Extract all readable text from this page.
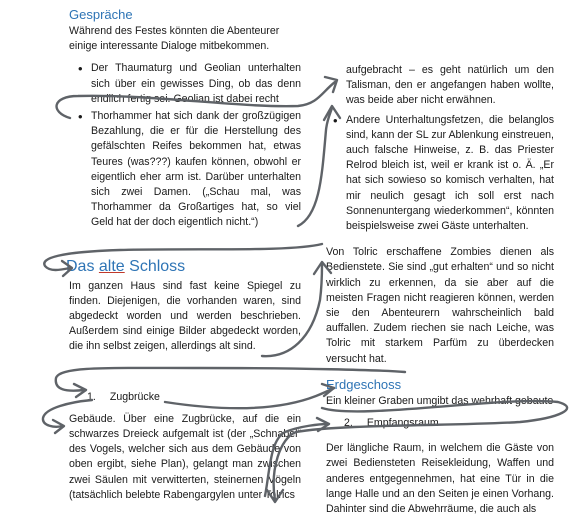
Gespräche
Während des Festes könnten die Abenteurer einige interessante Dialoge mitbekommen.
• Der Thaumaturg und Geolian unterhalten sich über ein gewisses Ding, ob das denn endlich fertig sei. Geolian ist dabei recht
• Thorhammer hat sich dank der großzügigen Bezahlung, die er für die Herstellung des gefälschten Reifes bekommen hat, etwas Teures (was???) kaufen können, obwohl er eigentlich eher arm ist. Darüber unterhalten sich zwei Damen. („Schau mal, was Thorhammer da Großartiges hat, so viel Geld hat der doch eigentlich nicht.“)
Das alte Schloss
Im ganzen Haus sind fast keine Spiegel zu finden. Diejenigen, die vorhanden waren, sind abgedeckt worden und werden beschrieben. Außerdem sind einige Bilder abgedeckt worden, die ihn selbst zeigen, allerdings alt sind.
1. Zugbrücke
Gebäude. Über eine Zugbrücke, auf die ein schwarzes Dreieck aufgemalt ist (der „Schnabel“ des Vogels, welcher sich aus dem Gebäude von oben ergibt, siehe Plan), gelangt man zwischen zwei Säulen mit verwitterten, steinernen Vögeln (tatsächlich belebte Rabengargylen unter Tolrics
aufgebracht – es geht natürlich um den Talisman, den er angefangen haben wollte, was beide aber nicht erwähnen.
• Andere Unterhaltungsfetzen, die belanglos sind, kann der SL zur Ablenkung einstreuen, auch falsche Hinweise, z. B. das Priester Relrod bleich ist, weil er krank ist o. Ä. „Er hat sich sowieso so komisch verhalten, hat mir neulich gesagt ich soll erst nach Sonnenuntergang wiederkommen“, könnten beispielsweise zwei Gäste unterhalten.
Von Tolric erschaffene Zombies dienen als Bedienstete. Sie sind „gut erhalten“ und so nicht wirklich zu erkennen, da sie aber auf die meisten Fragen nicht reagieren können, werden sie den Abenteurern wahrscheinlich bald auffallen. Zudem riechen sie nach Leiche, was Tolric mit starkem Parfüm zu überdecken versucht hat.
Erdgeschoss
Ein kleiner Graben umgibt das wehrhaft gebaute
2. Empfangsraum
Der längliche Raum, in welchem die Gäste von zwei Bediensteten Reisekleidung, Waffen und anderes entgegennehmen, hat eine Tür in die lange Halle und an den Seiten je einen Vorhang. Dahinter sind die Abwehrräume, die auch als
